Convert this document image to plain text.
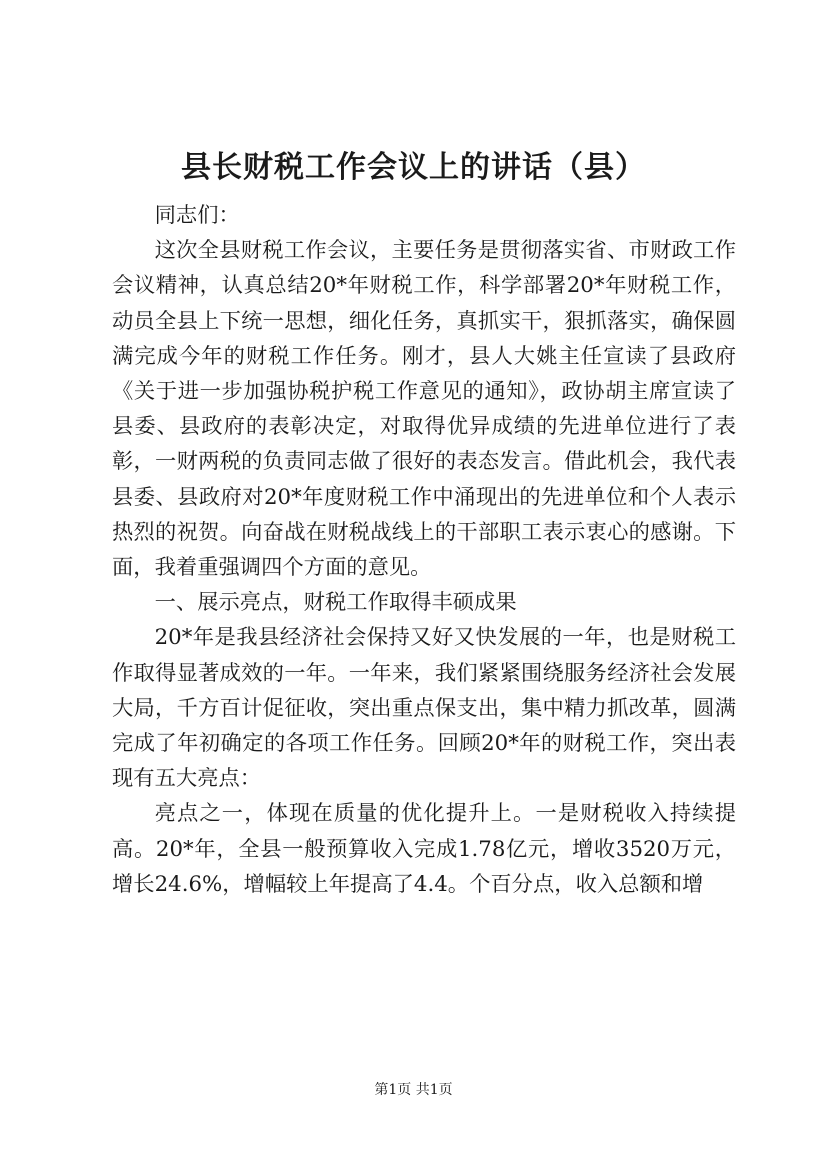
县长财税工作会议上的讲话（县）

同志们：

这次全县财税工作会议，主要任务是贯彻落实省、市财政工作会议精神，认真总结20*年财税工作，科学部署20*年财税工作，动员全县上下统一思想，细化任务，真抓实干，狠抓落实，确保圆满完成今年的财税工作任务。刚才，县人大姚主任宣读了县政府《关于进一步加强协税护税工作意见的通知》，政协胡主席宣读了县委、县政府的表彰决定，对取得优异成绩的先进单位进行了表彰，一财两税的负责同志做了很好的表态发言。借此机会，我代表县委、县政府对20*年度财税工作中涌现出的先进单位和个人表示热烈的祝贺。向奋战在财税战线上的干部职工表示衷心的感谢。下面，我着重强调四个方面的意见。

一、展示亮点，财税工作取得丰硕成果

20*年是我县经济社会保持又好又快发展的一年，也是财税工作取得显著成效的一年。一年来，我们紧紧围绕服务经济社会发展大局，千方百计促征收，突出重点保支出，集中精力抓改革，圆满完成了年初确定的各项工作任务。回顾20*年的财税工作，突出表现有五大亮点：

亮点之一，体现在质量的优化提升上。一是财税收入持续提高。20*年，全县一般预算收入完成1.78亿元，增收3520万元，增长24.6%，增幅较上年提高了4.4。个百分点，收入总额和增

第1页 共1页
